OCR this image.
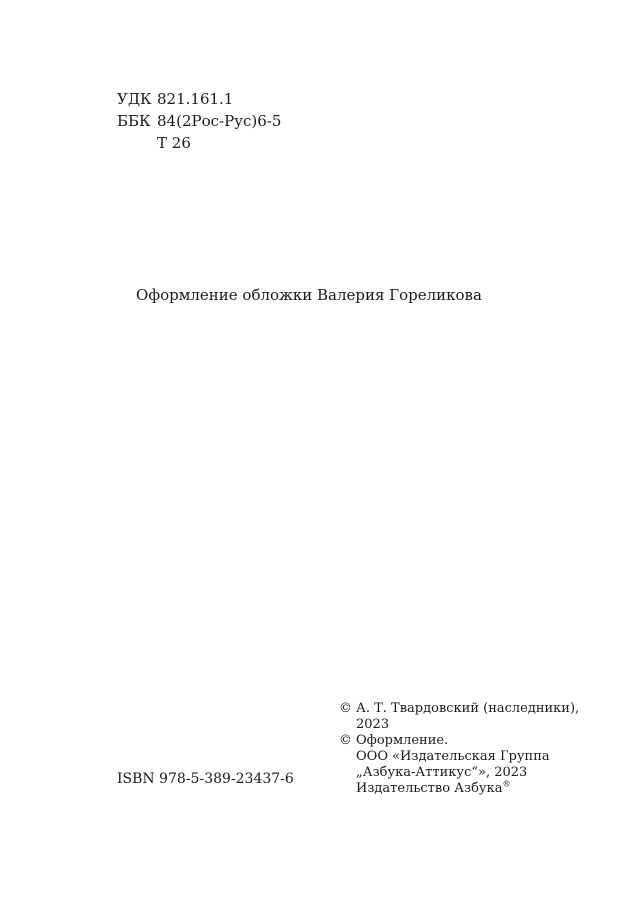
УДК 821.161.1
ББК 84(2Рос-Рус)6-5
Т 26
Оформление обложки Валерия Гореликова
© А. Т. Твардовский (наследники),
2023
© Оформление.
ООО «Издательская Группа
„Азбука-Аттикус“», 2023
Издательство Азбука®
ISBN 978-5-389-23437-6
